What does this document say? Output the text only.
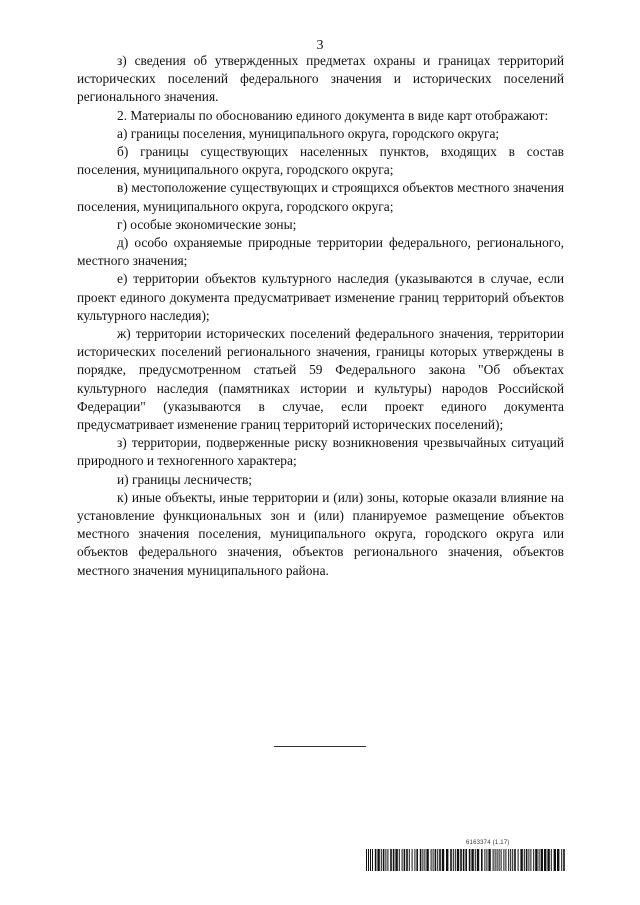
3

з) сведения об утвержденных предметах охраны и границах территорий исторических поселений федерального значения и исторических поселений регионального значения.

2. Материалы по обоснованию единого документа в виде карт отображают:

а) границы поселения, муниципального округа, городского округа;

б) границы существующих населенных пунктов, входящих в состав поселения, муниципального округа, городского округа;

в) местоположение существующих и строящихся объектов местного значения поселения, муниципального округа, городского округа;

г) особые экономические зоны;

д) особо охраняемые природные территории федерального, регионального, местного значения;

е) территории объектов культурного наследия (указываются в случае, если проект единого документа предусматривает изменение границ территорий объектов культурного наследия);

ж) территории исторических поселений федерального значения, территории исторических поселений регионального значения, границы которых утверждены в порядке, предусмотренном статьей 59 Федерального закона "Об объектах культурного наследия (памятниках истории и культуры) народов Российской Федерации" (указываются в случае, если проект единого документа предусматривает изменение границ территорий исторических поселений);

з) территории, подверженные риску возникновения чрезвычайных ситуаций природного и техногенного характера;

и) границы лесничеств;

к) иные объекты, иные территории и (или) зоны, которые оказали влияние на установление функциональных зон и (или) планируемое размещение объектов местного значения поселения, муниципального округа, городского округа или объектов федерального значения, объектов регионального значения, объектов местного значения муниципального района.

6163374 (1.17)
